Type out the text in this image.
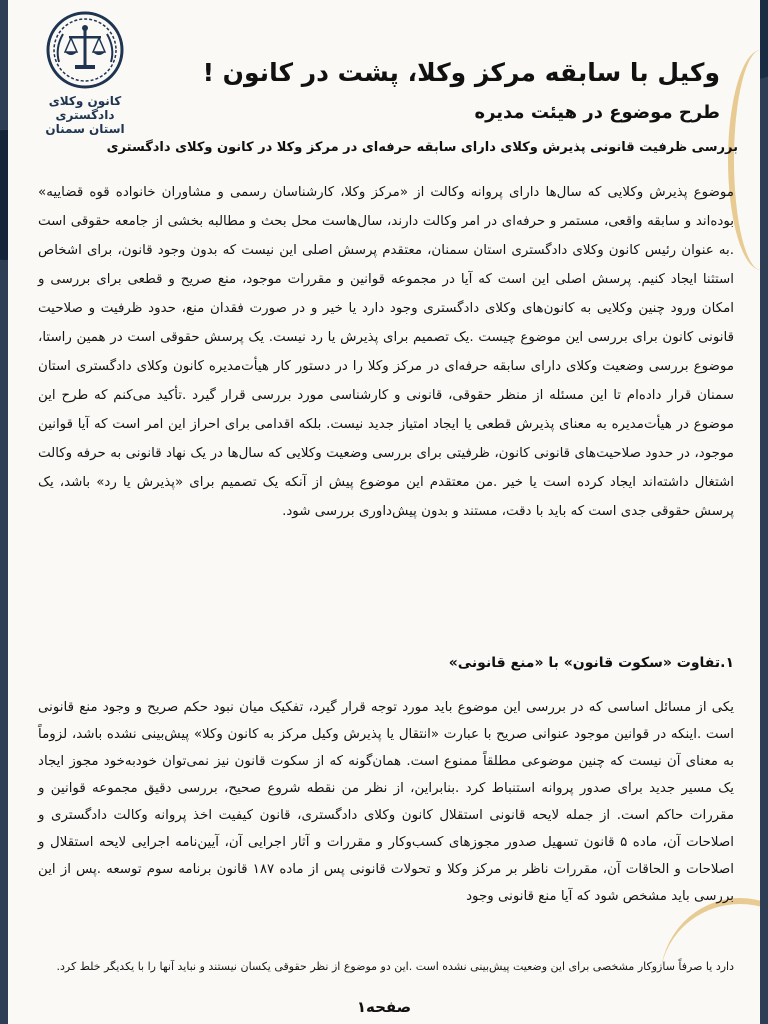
کانون وکلای دادگستری
استان سمنان
وکیل با سابقه مرکز وکلا، پشت در کانون !
طرح موضوع در هیئت مدیره

بررسی ظرفیت قانونی پذیرش وکلای دارای سابقه حرفه‌ای در مرکز وکلا در کانون وکلای دادگستری

موضوع پذیرش وکلایی که سال‌ها دارای پروانه وکالت از «مرکز وکلا، کارشناسان رسمی و مشاوران خانواده قوه قضاییه» بوده‌اند و سابقه واقعی، مستمر و حرفه‌ای در امر وکالت دارند، سال‌هاست محل بحث و مطالبه بخشی از جامعه حقوقی است .به عنوان رئیس کانون وکلای دادگستری استان سمنان، معتقدم پرسش اصلی این نیست که بدون وجود قانون، برای اشخاص استثنا ایجاد کنیم. پرسش اصلی این است که آیا در مجموعه قوانین و مقررات موجود، منع صریح و قطعی برای بررسی و امکان ورود چنین وکلایی به کانون‌های وکلای دادگستری وجود دارد یا خیر و در صورت فقدان منع، حدود ظرفیت و صلاحیت قانونی کانون برای بررسی این موضوع چیست .یک تصمیم برای پذیرش یا رد نیست. یک پرسش حقوقی است در همین راستا، موضوع بررسی وضعیت وکلای دارای سابقه حرفه‌ای در مرکز وکلا را در دستور کار هیأت‌مدیره کانون وکلای دادگستری استان سمنان قرار داده‌ام تا این مسئله از منظر حقوقی، قانونی و کارشناسی مورد بررسی قرار گیرد .تأکید می‌کنم که طرح این موضوع در هیأت‌مدیره به معنای پذیرش قطعی یا ایجاد امتیاز جدید نیست. بلکه اقدامی برای احراز این امر است که آیا قوانین موجود، در حدود صلاحیت‌های قانونی کانون، ظرفیتی برای بررسی وضعیت وکلایی که سال‌ها در یک نهاد قانونی به حرفه وکالت اشتغال داشته‌اند ایجاد کرده است یا خیر .من معتقدم این موضوع پیش از آنکه یک تصمیم برای «پذیرش یا رد» باشد، یک پرسش حقوقی جدی است که باید با دقت، مستند و بدون پیش‌داوری بررسی شود.

۱.تفاوت «سکوت قانون» با «منع قانونی»

یکی از مسائل اساسی که در بررسی این موضوع باید مورد توجه قرار گیرد، تفکیک میان نبود حکم صریح و وجود منع قانونی است .اینکه در قوانین موجود عنوانی صریح با عبارت «انتقال یا پذیرش وکیل مرکز به کانون وکلا» پیش‌بینی نشده باشد، لزوماً به معنای آن نیست که چنین موضوعی مطلقاً ممنوع است. همان‌گونه که از سکوت قانون نیز نمی‌توان خودبه‌خود مجوز ایجاد یک مسیر جدید برای صدور پروانه استنباط کرد .بنابراین، از نظر من نقطه شروع صحیح، بررسی دقیق مجموعه قوانین و مقررات حاکم است. از جمله لایحه قانونی استقلال کانون وکلای دادگستری، قانون کیفیت اخذ پروانه وکالت دادگستری و اصلاحات آن، ماده ۵ قانون تسهیل صدور مجوزهای کسب‌وکار و مقررات و آثار اجرایی آن، آیین‌نامه اجرایی لایحه استقلال و اصلاحات و الحاقات آن، مقررات ناظر بر مرکز وکلا و تحولات قانونی پس از ماده ۱۸۷ قانون برنامه سوم توسعه .پس از این بررسی باید مشخص شود که آیا منع قانونی وجود

دارد یا صرفاً سازوکار مشخصی برای این وضعیت پیش‌بینی نشده است .این دو موضوع از نظر حقوقی یکسان نیستند و نباید آنها را با یکدیگر خلط کرد.

صفحه۱
